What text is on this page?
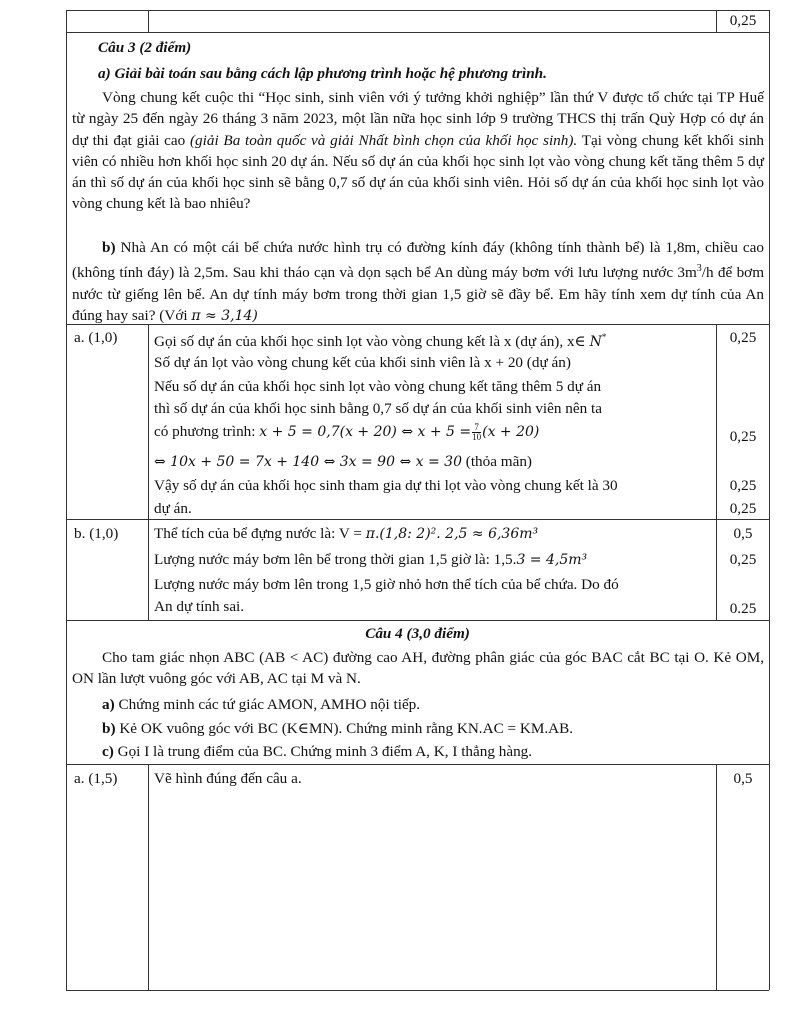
0,25
Câu 3 (2 điểm)
a) Giải bài toán sau bằng cách lập phương trình hoặc hệ phương trình.
Vòng chung kết cuộc thi “Học sinh, sinh viên với ý tưởng khởi nghiệp” lần thứ V được tổ chức tại TP Huế từ ngày 25 đến ngày 26 tháng 3 năm 2023, một lần nữa học sinh lớp 9 trường THCS thị trấn Quỳ Hợp có dự án dự thi đạt giải cao (giải Ba toàn quốc và giải Nhất bình chọn của khối học sinh). Tại vòng chung kết khối sinh viên có nhiều hơn khối học sinh 20 dự án. Nếu số dự án của khối học sinh lọt vào vòng chung kết tăng thêm 5 dự án thì số dự án của khối học sinh sẽ bằng 0,7 số dự án của khối sinh viên. Hỏi số dự án của khối học sinh lọt vào vòng chung kết là bao nhiêu?
b) Nhà An có một cái bể chứa nước hình trụ có đường kính đáy (không tính thành bể) là 1,8m, chiều cao (không tính đáy) là 2,5m. Sau khi tháo cạn và dọn sạch bể An dùng máy bơm với lưu lượng nước $3m^3/h$ để bơm nước từ giếng lên bể. An dự tính máy bơm trong thời gian 1,5 giờ sẽ đầy bể. Em hãy tính xem dự tính của An đúng hay sai? (Với π ≈ 3,14)
a. (1,0) Gọi số dự án của khối học sinh lọt vào vòng chung kết là x (dự án), x∈ N*
Số dự án lọt vào vòng chung kết của khối sinh viên là x + 20 (dự án)
Nếu số dự án của khối học sinh lọt vào vòng chung kết tăng thêm 5 dự án
thì số dự án của khối học sinh bằng 0,7 số dự án của khối sinh viên nên ta
có phương trình: x + 5 = 0,7(x + 20) ⇔ $x + 5 = \frac{7}{10} (x + 20)$
⇔ 10x + 50 = 7x + 140 ⇔ 3x = 90 ⇔ x = 30 (thỏa mãn)
Vậy số dự án của khối học sinh tham gia dự thi lọt vào vòng chung kết là 30
dự án.
0,25
0,25
0,25
0,25
b. (1,0) Thể tích của bể đựng nước là: V = π.(1,8: 2)². 2,5 ≈ 6,36m³
Lượng nước máy bơm lên bể trong thời gian 1,5 giờ là: 1,5.3 = 4,5m³
Lượng nước máy bơm lên trong 1,5 giờ nhỏ hơn thể tích của bể chứa. Do đó
An dự tính sai.
0,5
0,25
0.25
Câu 4 (3,0 điểm)
Cho tam giác nhọn ABC (AB < AC) đường cao AH, đường phân giác của góc BAC cắt BC tại O. Kẻ OM, ON lần lượt vuông góc với AB, AC tại M và N.
a) Chứng minh các tứ giác AMON, AMHO nội tiếp.
b) Kẻ OK vuông góc với BC (K∈MN). Chứng minh rằng KN.AC = KM.AB.
c) Gọi I là trung điểm của BC. Chứng minh 3 điểm A, K, I thẳng hàng.
a. (1,5) Vẽ hình đúng đến câu a.	0,5
